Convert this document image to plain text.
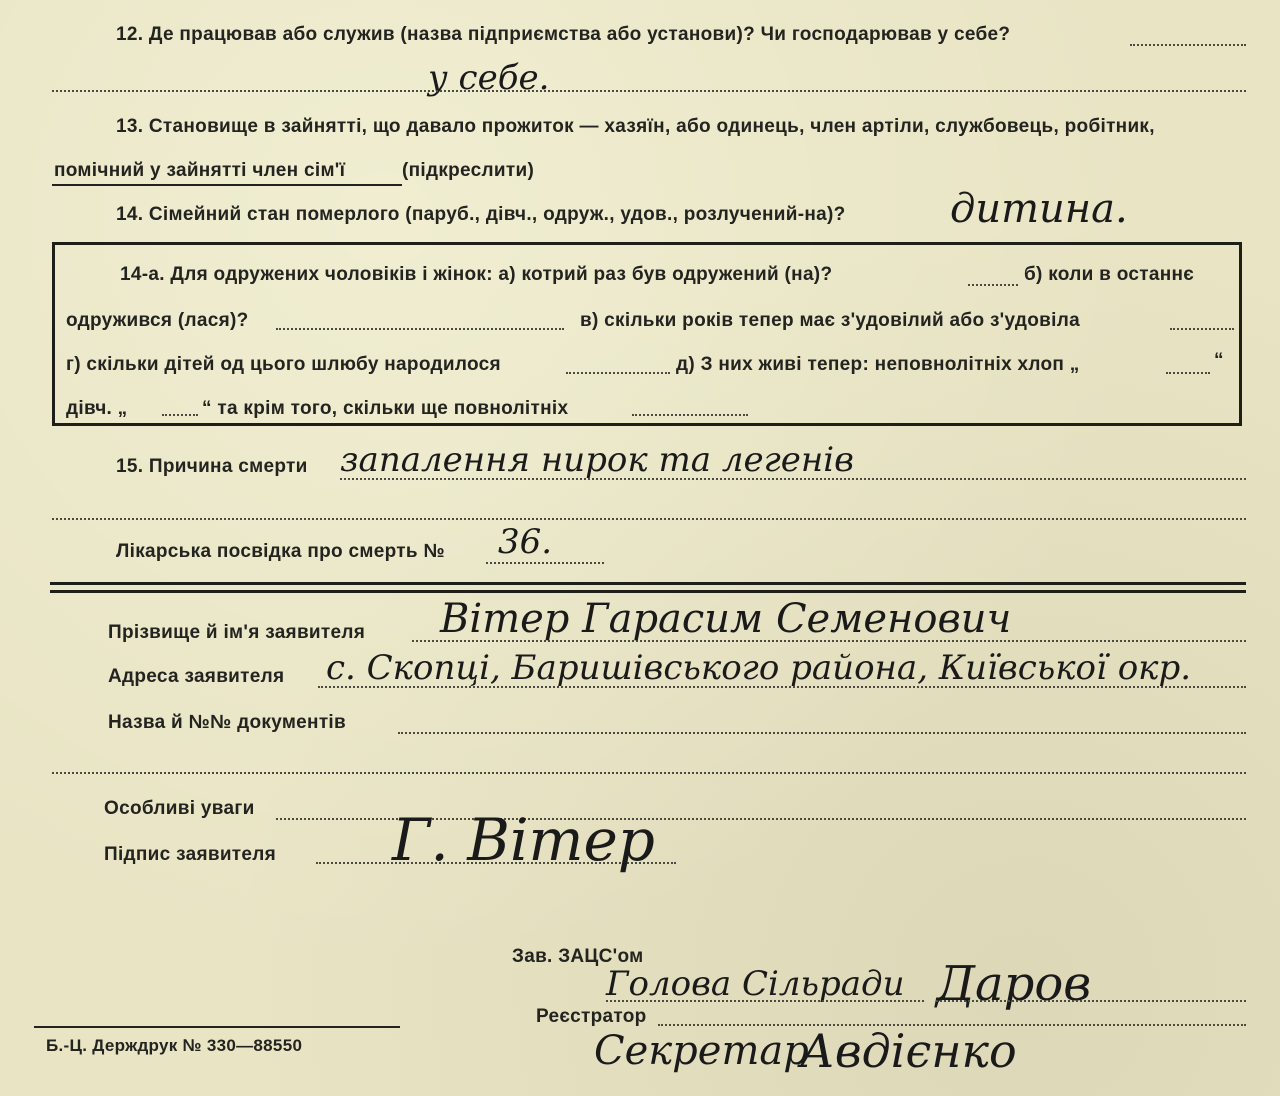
12. Де працював або служив (назва підприємства або установи)? Чи господарював у себе?
у себе.
13. Становище в зайнятті, що давало прожиток — хазяїн, або одинець, член артіли, службовець, робітник,
помічний у зайнятті член сім'ї	(підкреслити)
14. Сімейний стан померлого (паруб., дівч., одруж., удов., розлучений-на)?	дитина.
14-а. Для одружених чоловіків і жінок: а) котрий раз був одружений (на)?	б) коли в останнє
одружився (лася)?	в) скільки років тепер має з'удовілий або з'удовіла
г) скільки дітей од цього шлюбу народилося	д) З них живі тепер: неповнолітніх хлоп „	“
дівч. „	“ та крім того, скільки ще повнолітніх
15. Причина смерти запалення нирок та легенів
Лікарська посвідка про смерть № 36.
Прізвище й ім'я заявителя Вітер Гарасим Семенович
Адреса заявителя с. Скопці, Баришівського района, Київської окр.
Назва й №№ документів
Особливі уваги
Підпис заявителя Г. Вітер
Зав. ЗАЦС'ом
Голова Сільради Даров
Реєстратор
Секретар
Авдієнко
Б.-Ц. Держдрук № 330—88550
